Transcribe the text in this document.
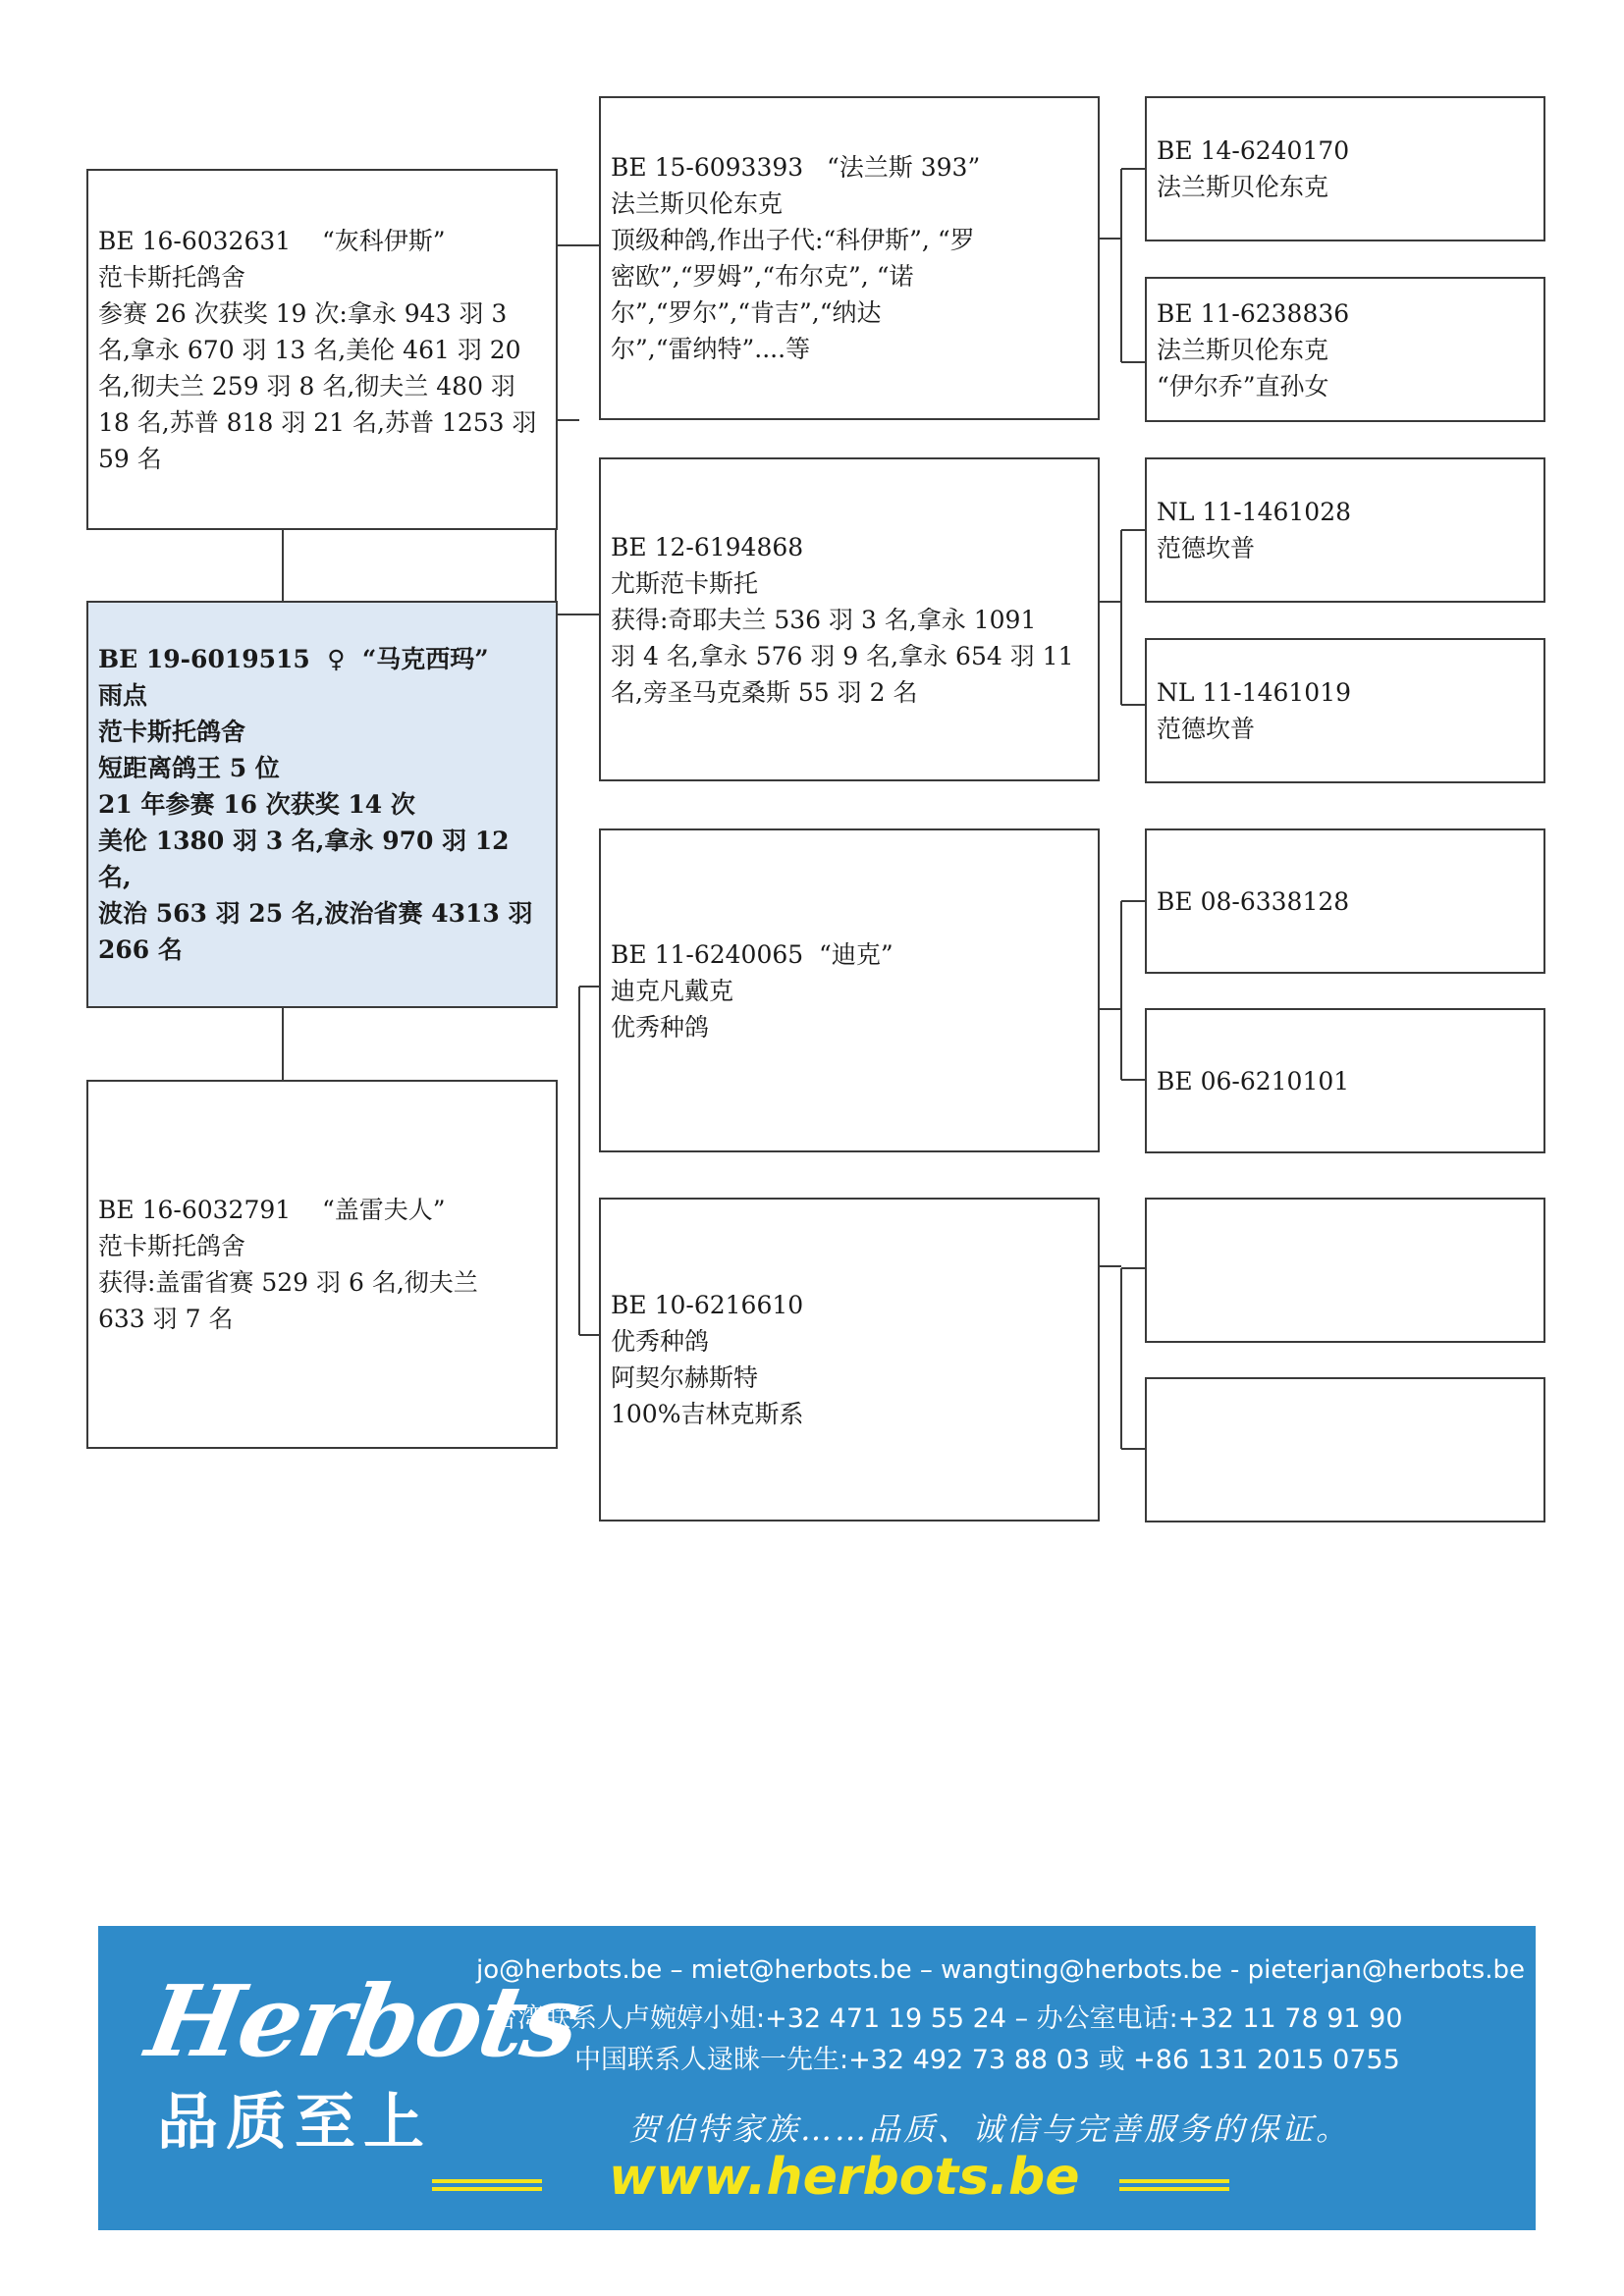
BE 16-6032631    “灰科伊斯”
范卡斯托鸽舍
参赛 26 次获奖 19 次:拿永 943 羽 3
名,拿永 670 羽 13 名,美伦 461 羽 20
名,彻夫兰 259 羽 8 名,彻夫兰 480 羽
18 名,苏普 818 羽 21 名,苏普 1253 羽
59 名
BE 19-6019515  ♀  “马克西玛”
雨点
范卡斯托鸽舍
短距离鸽王 5 位
21 年参赛 16 次获奖 14 次
美伦 1380 羽 3 名,拿永 970 羽 12 名,
波治 563 羽 25 名,波治省赛 4313 羽
266 名
BE 16-6032791    “盖雷夫人”
范卡斯托鸽舍
获得:盖雷省赛 529 羽 6 名,彻夫兰
633 羽 7 名
BE 15-6093393   “法兰斯 393”
法兰斯贝伦东克
顶级种鸽,作出子代:“科伊斯”, “罗
密欧”,“罗姆”,“布尔克”, “诺
尔”,“罗尔”,“肯吉”,“纳达
尔”,“雷纳特”....等
BE 12-6194868
尤斯范卡斯托
获得:奇耶夫兰 536 羽 3 名,拿永 1091
羽 4 名,拿永 576 羽 9 名,拿永 654 羽 11
名,旁圣马克桑斯 55 羽 2 名
BE 11-6240065  “迪克”
迪克凡戴克
优秀种鸽
BE 10-6216610
优秀种鸽
阿契尔赫斯特
100%吉林克斯系
BE 14-6240170
法兰斯贝伦东克
BE 11-6238836
法兰斯贝伦东克
“伊尔乔”直孙女
NL 11-1461028
范德坎普
NL 11-1461019
范德坎普
BE 08-6338128
BE 06-6210101
Herbots
品质至上
jo@herbots.be – miet@herbots.be – wangting@herbots.be - pieterjan@herbots.be
台湾联系人卢婉婷小姐:+32 471 19 55 24 – 办公室电话:+32 11 78 91 90
中国联系人逯睐一先生:+32 492 73 88 03 或 +86 131 2015 0755
贺伯特家族……品质、诚信与完善服务的保证。
www.herbots.be
